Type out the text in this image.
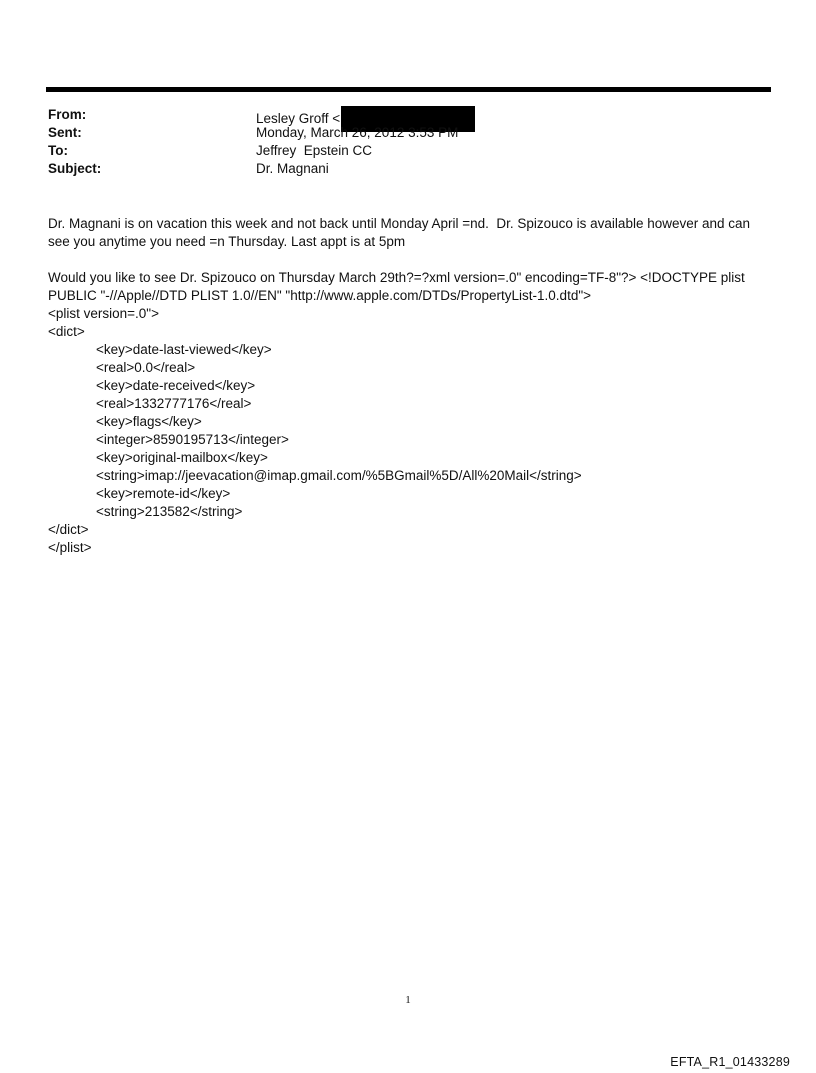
From:	Lesley Groff <
Sent:	Monday, March 26, 2012 3:53 PM
To:	Jeffrey  Epstein CC
Subject:	Dr. Magnani

Dr. Magnani is on vacation this week and not back until Monday April =nd.  Dr. Spizouco is available however and can see you anytime you need =n Thursday. Last appt is at 5pm

Would you like to see Dr. Spizouco on Thursday March 29th?=?xml version=.0" encoding=TF-8"?> <!DOCTYPE plist PUBLIC "-//Apple//DTD PLIST 1.0//EN" "http://www.apple.com/DTDs/PropertyList-1.0.dtd">

<plist version=.0">
<dict>
<key>date-last-viewed</key>
<real>0.0</real>
<key>date-received</key>
<real>1332777176</real>
<key>flags</key>
<integer>8590195713</integer>
<key>original-mailbox</key>
<string>imap://jeevacation@imap.gmail.com/%5BGmail%5D/All%20Mail</string>
<key>remote-id</key>
<string>213582</string>
</dict>
</plist>
1
EFTA_R1_01433289
